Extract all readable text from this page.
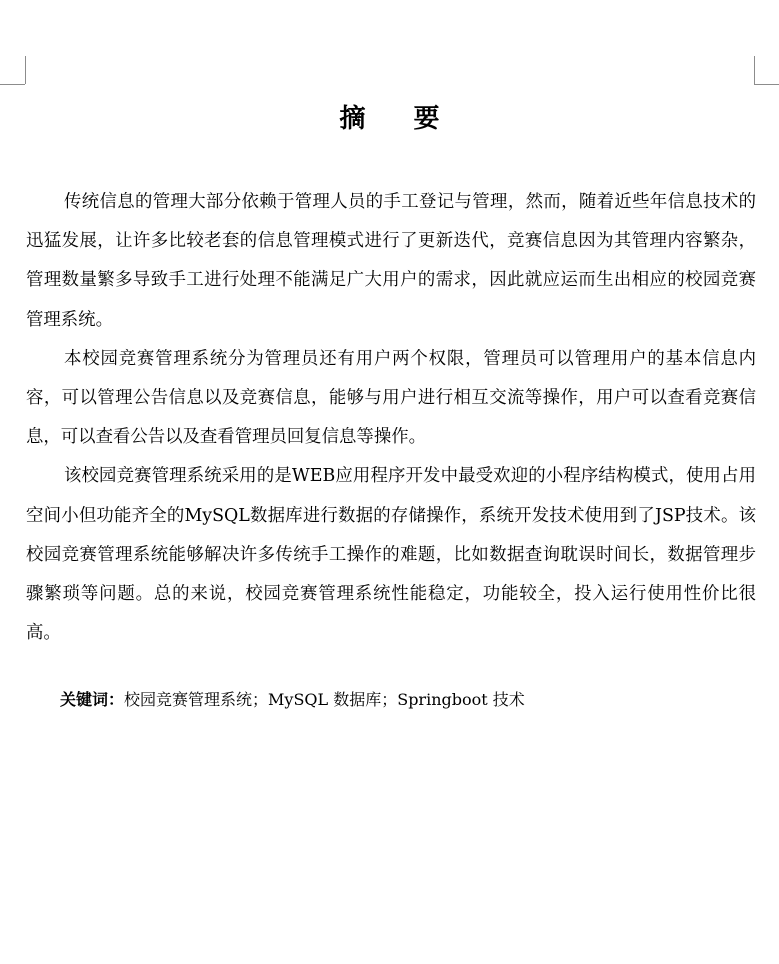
摘要

传统信息的管理大部分依赖于管理人员的手工登记与管理，然而，随着近些年信息技术的迅猛发展，让许多比较老套的信息管理模式进行了更新迭代，竞赛信息因为其管理内容繁杂，管理数量繁多导致手工进行处理不能满足广大用户的需求，因此就应运而生出相应的校园竞赛管理系统。

本校园竞赛管理系统分为管理员还有用户两个权限，管理员可以管理用户的基本信息内容，可以管理公告信息以及竞赛信息，能够与用户进行相互交流等操作，用户可以查看竞赛信息，可以查看公告以及查看管理员回复信息等操作。

该校园竞赛管理系统采用的是WEB应用程序开发中最受欢迎的小程序结构模式，使用占用空间小但功能齐全的MySQL数据库进行数据的存储操作，系统开发技术使用到了JSP技术。该校园竞赛管理系统能够解决许多传统手工操作的难题，比如数据查询耽误时间长，数据管理步骤繁琐等问题。总的来说，校园竞赛管理系统性能稳定，功能较全，投入运行使用性价比很高。

关键词：校园竞赛管理系统；MySQL 数据库；Springboot 技术
